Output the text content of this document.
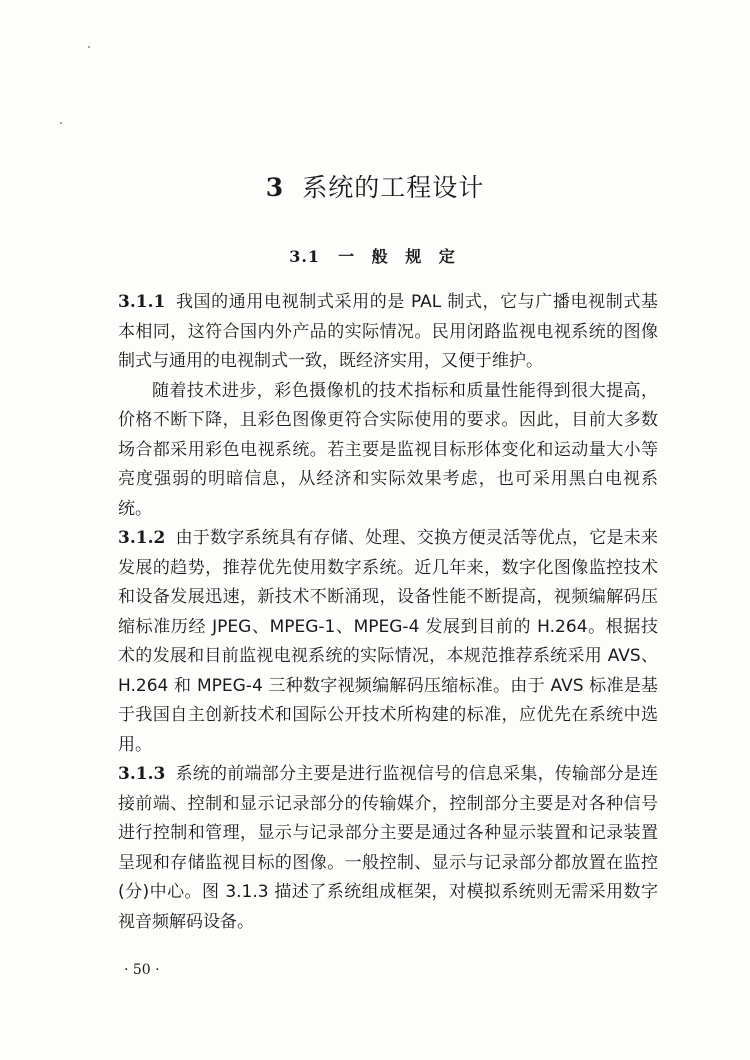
3 系统的工程设计
3.1 一 般 规 定

3.1.1 我国的通用电视制式采用的是 PAL 制式，它与广播电视制式基本相同，这符合国内外产品的实际情况。民用闭路监视电视系统的图像制式与通用的电视制式一致，既经济实用，又便于维护。

随着技术进步，彩色摄像机的技术指标和质量性能得到很大提高，价格不断下降，且彩色图像更符合实际使用的要求。因此，目前大多数场合都采用彩色电视系统。若主要是监视目标形体变化和运动量大小等亮度强弱的明暗信息，从经济和实际效果考虑，也可采用黑白电视系统。

3.1.2 由于数字系统具有存储、处理、交换方便灵活等优点，它是未来发展的趋势，推荐优先使用数字系统。近几年来，数字化图像监控技术和设备发展迅速，新技术不断涌现，设备性能不断提高，视频编解码压缩标准历经 JPEG、MPEG-1、MPEG-4 发展到目前的 H.264。根据技术的发展和目前监视电视系统的实际情况，本规范推荐系统采用 AVS、H.264 和 MPEG-4 三种数字视频编解码压缩标准。由于 AVS 标准是基于我国自主创新技术和国际公开技术所构建的标准，应优先在系统中选用。

3.1.3 系统的前端部分主要是进行监视信号的信息采集，传输部分是连接前端、控制和显示记录部分的传输媒介，控制部分主要是对各种信号进行控制和管理，显示与记录部分主要是通过各种显示装置和记录装置呈现和存储监视目标的图像。一般控制、显示与记录部分都放置在监控(分)中心。图 3.1.3 描述了系统组成框架，对模拟系统则无需采用数字视音频解码设备。

· 50 ·
